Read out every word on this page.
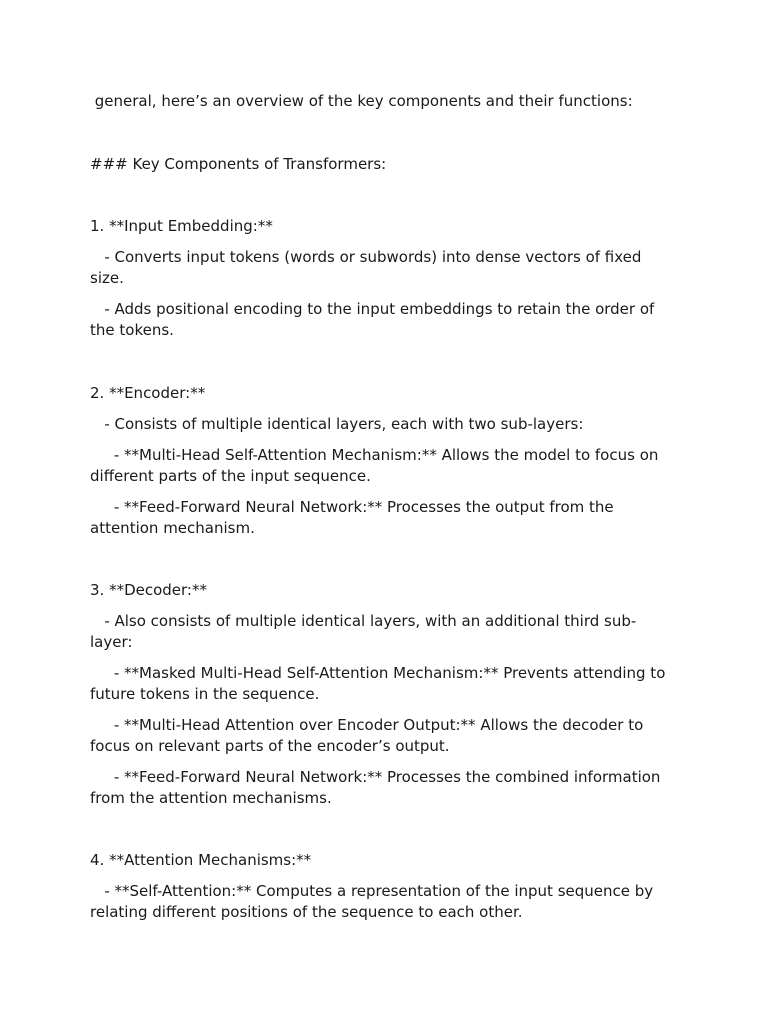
general, here’s an overview of the key components and their functions:

### Key Components of Transformers:

1. **Input Embedding:**

- Converts input tokens (words or subwords) into dense vectors of fixed size.

- Adds positional encoding to the input embeddings to retain the order of the tokens.

2. **Encoder:**

- Consists of multiple identical layers, each with two sub-layers:

- **Multi-Head Self-Attention Mechanism:** Allows the model to focus on different parts of the input sequence.

- **Feed-Forward Neural Network:** Processes the output from the attention mechanism.

3. **Decoder:**

- Also consists of multiple identical layers, with an additional third sub-layer:

- **Masked Multi-Head Self-Attention Mechanism:** Prevents attending to future tokens in the sequence.

- **Multi-Head Attention over Encoder Output:** Allows the decoder to focus on relevant parts of the encoder’s output.

- **Feed-Forward Neural Network:** Processes the combined information from the attention mechanisms.

4. **Attention Mechanisms:**

- **Self-Attention:** Computes a representation of the input sequence by relating different positions of the sequence to each other.
